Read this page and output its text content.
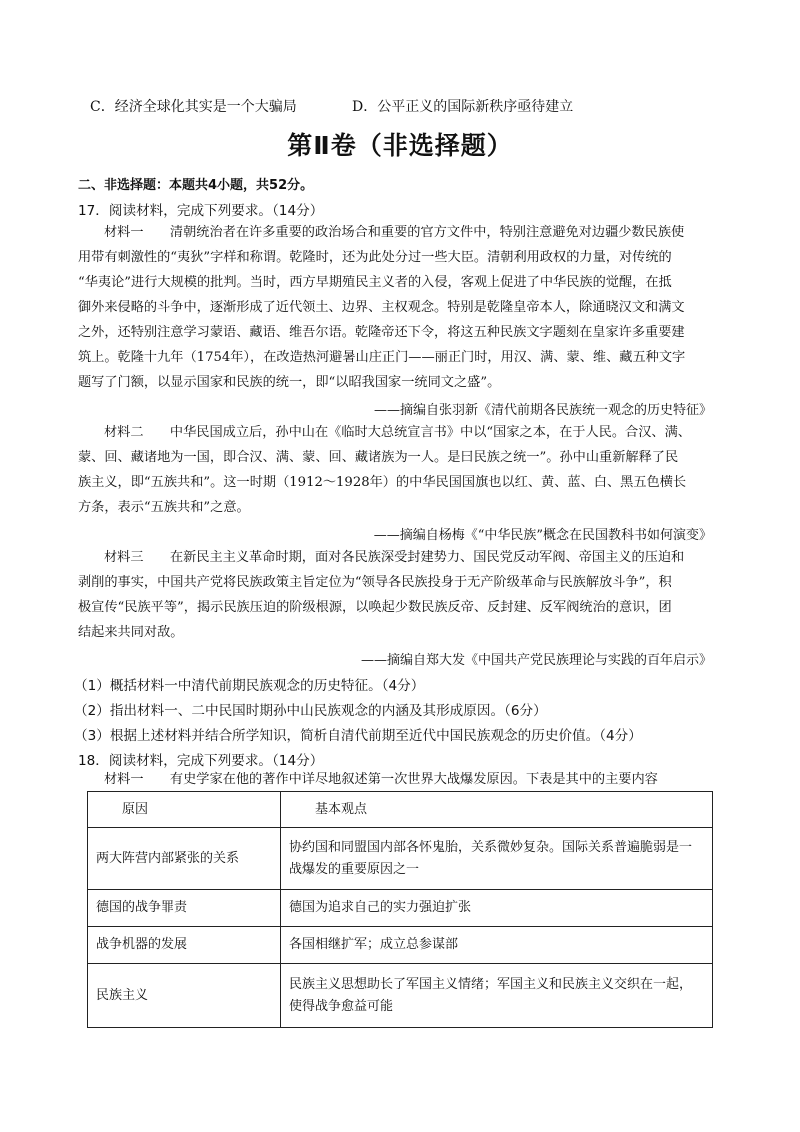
C．经济全球化其实是一个大骗局	D．公平正义的国际新秩序亟待建立
第Ⅱ卷（非选择题）
二、非选择题：本题共4小题，共52分。
17．阅读材料，完成下列要求。（14分）
材料一　　清朝统治者在许多重要的政治场合和重要的官方文件中，特别注意避免对边疆少数民族使
用带有刺激性的“夷狄”字样和称谓。乾隆时，还为此处分过一些大臣。清朝利用政权的力量，对传统的
“华夷论”进行大规模的批判。当时，西方早期殖民主义者的入侵，客观上促进了中华民族的觉醒，在抵
御外来侵略的斗争中，逐渐形成了近代领土、边界、主权观念。特别是乾隆皇帝本人，除通晓汉文和满文
之外，还特别注意学习蒙语、藏语、维吾尔语。乾隆帝还下令，将这五种民族文字题刻在皇家许多重要建
筑上。乾隆十九年（1754年），在改造热河避暑山庄正门——丽正门时，用汉、满、蒙、维、藏五种文字
题写了门额，以显示国家和民族的统一，即“以昭我国家一统同文之盛”。
——摘编自张羽新《清代前期各民族统一观念的历史特征》
材料二　　中华民国成立后，孙中山在《临时大总统宣言书》中以“国家之本，在于人民。合汉、满、
蒙、回、藏诸地为一国，即合汉、满、蒙、回、藏诸族为一人。是曰民族之统一”。孙中山重新解释了民
族主义，即“五族共和”。这一时期（1912～1928年）的中华民国国旗也以红、黄、蓝、白、黑五色横长
方条，表示“五族共和”之意。
——摘编自杨梅《“中华民族”概念在民国教科书如何演变》
材料三　　在新民主主义革命时期，面对各民族深受封建势力、国民党反动军阀、帝国主义的压迫和
剥削的事实，中国共产党将民族政策主旨定位为“领导各民族投身于无产阶级革命与民族解放斗争”，积
极宣传“民族平等”，揭示民族压迫的阶级根源，以唤起少数民族反帝、反封建、反军阀统治的意识，团
结起来共同对敌。
——摘编自郑大发《中国共产党民族理论与实践的百年启示》
（1）概括材料一中清代前期民族观念的历史特征。（4分）
（2）指出材料一、二中民国时期孙中山民族观念的内涵及其形成原因。（6分）
（3）根据上述材料并结合所学知识，简析自清代前期至近代中国民族观念的历史价值。（4分）
18．阅读材料，完成下列要求。（14分）
材料一　　有史学家在他的著作中详尽地叙述第一次世界大战爆发原因。下表是其中的主要内容
原因	基本观点
两大阵营内部紧张的关系	协约国和同盟国内部各怀鬼胎，关系微妙复杂。国际关系普遍脆弱是一
战爆发的重要原因之一

德国的战争罪责	德国为追求自己的实力强迫扩张
战争机器的发展	各国相继扩军；成立总参谋部
民族主义	民族主义思想助长了军国主义情绪；军国主义和民族主义交织在一起，
使得战争愈益可能
